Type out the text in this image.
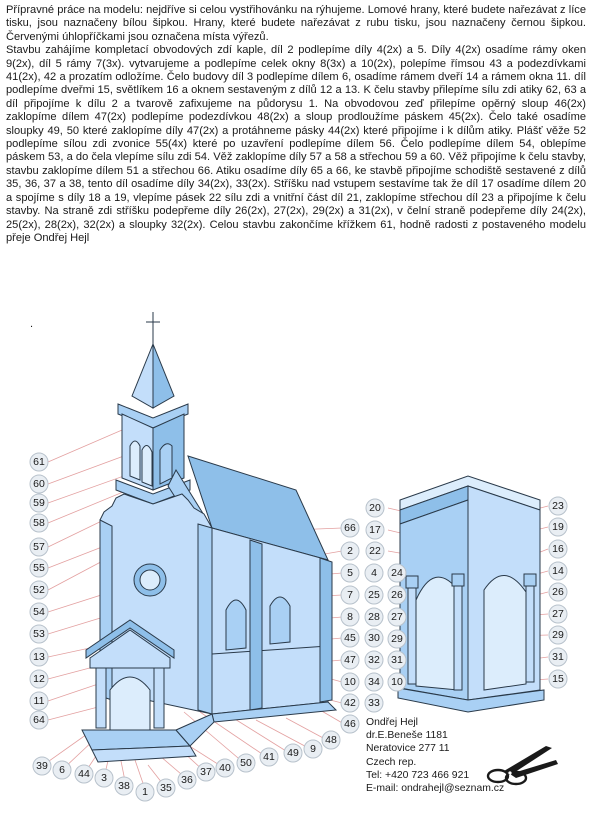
Přípravné práce na modelu: nejdříve si celou vystřihovánku na rýhujeme. Lomové hrany, které budete nařezávat z líce tisku, jsou naznačeny bílou šipkou. Hrany, které budete nařezávat z rubu tisku, jsou naznačeny černou šipkou. Červenými úhlopříčkami jsou označena místa výřezů.

Stavbu zahájíme kompletací obvodových zdí kaple, díl 2 podlepíme díly 4(2x) a 5. Díly 4(2x) osadíme rámy oken 9(2x), díl 5 rámy 7(3x). vytvarujeme a podlepíme celek okny 8(3x) a 10(2x), polepíme římsou 43 a podezdívkami 41(2x), 42 a prozatím odložíme. Čelo budovy díl 3 podlepíme dílem 6, osadíme rámem dveří 14 a rámem okna 11. díl podlepíme dveřmi 15, světlíkem 16 a oknem sestaveným z dílů 12 a 13. K čelu stavby přilepíme sílu zdi atiky 62, 63 a díl připojíme k dílu 2 a tvarově zafixujeme na půdorysu 1. Na obvodovou zeď přilepíme opěrný sloup 46(2x) zaklopíme dílem 47(2x) podlepíme podezdívkou 48(2x) a sloup prodloužíme páskem 45(2x). Čelo také osadíme sloupky 49, 50 které zaklopíme díly 47(2x) a protáhneme pásky 44(2x) které připojíme i k dílům atiky. Plášť věže 52 podlepíme sílou zdi zvonice 55(4x) které po uzavření podlepíme dílem 56. Čelo podlepíme dílem 54, oblepíme páskem 53, a do čela vlepíme sílu zdi 54. Věž zaklopíme díly 57 a 58 a střechou 59 a 60. Věž připojíme k čelu stavby, stavbu zaklopíme dílem 51 a střechou 66. Atiku osadíme díly 65 a 66, ke stavbě připojíme schodiště sestavené z dílů 35, 36, 37 a 38, tento díl osadíme díly 34(2x), 33(2x). Stříšku nad vstupem sestavíme tak že díl 17 osadíme dílem 20 a spojíme s díly 18 a 19, vlepíme pásek 22 sílu zdi a vnitřní část díl 21, zaklopíme střechou díl 23 a připojíme k čelu stavby. Na straně zdi stříšku podepřeme díly 26(2x), 27(2x), 29(2x) a 31(2x), v čelní straně podepřeme díly 24(2x), 25(2x), 28(2x), 32(2x) a sloupky 32(2x). Celou stavbu zakončíme křížkem 61, hodně radosti z postaveného modelu přeje Ondřej Hejl

.
61
60
59
58
57
55
52
54
53
13
12
11
64
66
2
5
7
8
45
47
10
42
4
25
28
30
32
34
33
39 6 44 3
38 1 35
36
37 40 50 41 49 9
48
46
20
17
22
23
19
16
14
26
27
29
31
15
24
26
27
29
31
10
Ondřej Hejl
dr.E.Beneše 1181
Neratovice 277 11
Czech rep.
Tel: +420 723 466 921
E-mail: ondrahejl@seznam.cz
